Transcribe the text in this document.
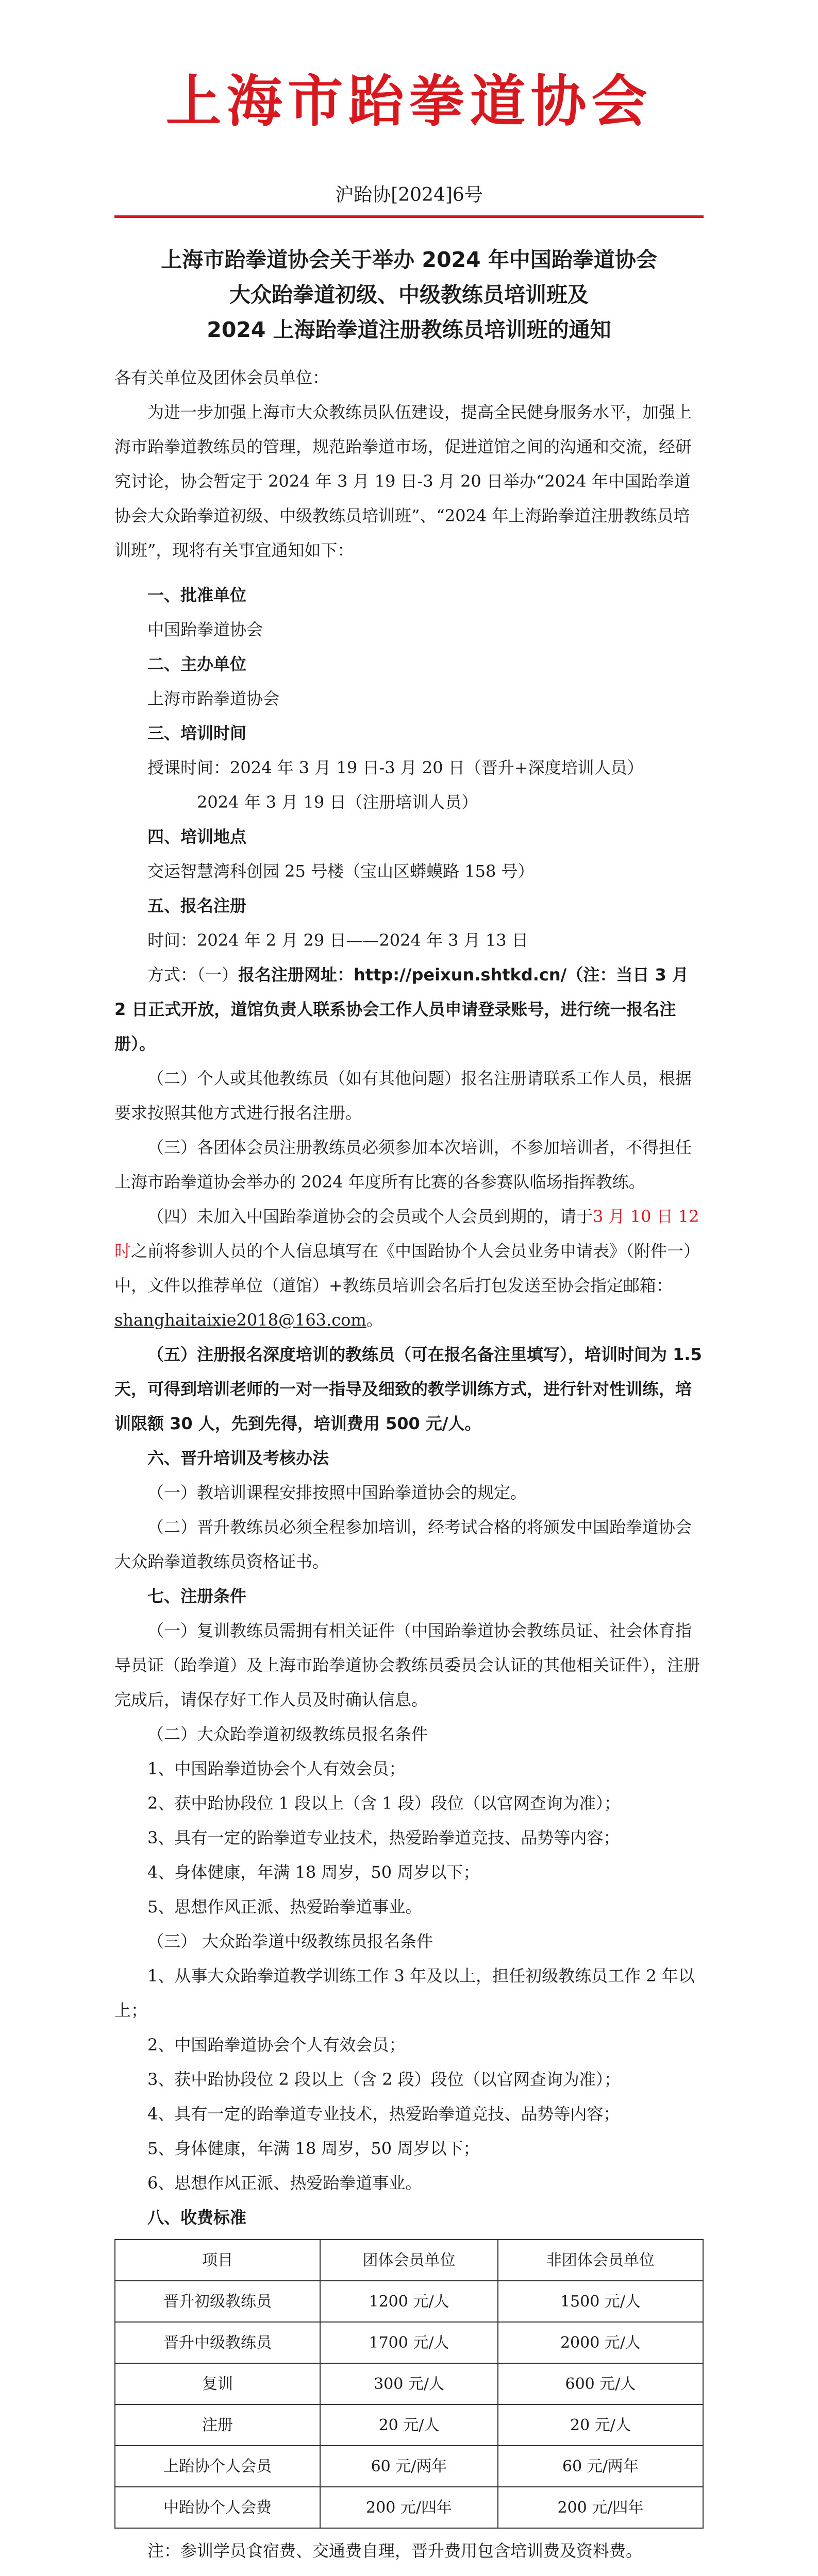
上海市跆拳道协会
沪跆协[2024]6号
上海市跆拳道协会关于举办 2024 年中国跆拳道协会
大众跆拳道初级、中级教练员培训班及
2024 上海跆拳道注册教练员培训班的通知

各有关单位及团体会员单位：

为进一步加强上海市大众教练员队伍建设，提高全民健身服务水平，加强上海市跆拳道教练员的管理，规范跆拳道市场，促进道馆之间的沟通和交流，经研究讨论，协会暂定于 2024 年 3 月 19 日-3 月 20 日举办“2024 年中国跆拳道协会大众跆拳道初级、中级教练员培训班”、“2024 年上海跆拳道注册教练员培训班”，现将有关事宜通知如下：

一、批准单位

中国跆拳道协会

二、主办单位

上海市跆拳道协会

三、培训时间

授课时间：2024 年 3 月 19 日-3 月 20 日（晋升+深度培训人员）

2024 年 3 月 19 日（注册培训人员）

四、培训地点

交运智慧湾科创园 25 号楼（宝山区蟒蟆路 158 号）

五、报名注册

时间：2024 年 2 月 29 日——2024 年 3 月 13 日

方式：（一）报名注册网址：http://peixun.shtkd.cn/（注：当日 3 月 2 日正式开放，道馆负责人联系协会工作人员申请登录账号，进行统一报名注册）。

（二）个人或其他教练员（如有其他问题）报名注册请联系工作人员，根据要求按照其他方式进行报名注册。

（三）各团体会员注册教练员必须参加本次培训，不参加培训者，不得担任上海市跆拳道协会举办的 2024 年度所有比赛的各参赛队临场指挥教练。

（四）未加入中国跆拳道协会的会员或个人会员到期的，请于3 月 10 日 12 时之前将参训人员的个人信息填写在《中国跆协个人会员业务申请表》（附件一）中，文件以推荐单位（道馆）+教练员培训会名后打包发送至协会指定邮箱：shanghaitaixie2018@163.com。

（五）注册报名深度培训的教练员（可在报名备注里填写），培训时间为 1.5 天，可得到培训老师的一对一指导及细致的教学训练方式，进行针对性训练，培训限额 30 人，先到先得，培训费用 500 元/人。

六、晋升培训及考核办法

（一）教培训课程安排按照中国跆拳道协会的规定。

（二）晋升教练员必须全程参加培训，经考试合格的将颁发中国跆拳道协会大众跆拳道教练员资格证书。

七、注册条件

（一）复训教练员需拥有相关证件（中国跆拳道协会教练员证、社会体育指导员证（跆拳道）及上海市跆拳道协会教练员委员会认证的其他相关证件），注册完成后，请保存好工作人员及时确认信息。

（二）大众跆拳道初级教练员报名条件

1、中国跆拳道协会个人有效会员；

2、获中跆协段位 1 段以上（含 1 段）段位（以官网查询为准）；

3、具有一定的跆拳道专业技术，热爱跆拳道竞技、品势等内容；

4、身体健康，年满 18 周岁，50 周岁以下；

5、思想作风正派、热爱跆拳道事业。

（三） 大众跆拳道中级教练员报名条件

1、从事大众跆拳道教学训练工作 3 年及以上，担任初级教练员工作 2 年以上；

2、中国跆拳道协会个人有效会员；

3、获中跆协段位 2 段以上（含 2 段）段位（以官网查询为准）；

4、具有一定的跆拳道专业技术，热爱跆拳道竞技、品势等内容；

5、身体健康，年满 18 周岁，50 周岁以下；

6、思想作风正派、热爱跆拳道事业。

八、收费标准

项目	团体会员单位	非团体会员单位
晋升初级教练员	1200 元/人	1500 元/人
晋升中级教练员	1700 元/人	2000 元/人
复训	300 元/人	600 元/人
注册	20 元/人	20 元/人
上跆协个人会员	60 元/两年	60 元/两年
中跆协个人会费	200 元/四年	200 元/四年

注：参训学员食宿费、交通费自理，晋升费用包含培训费及资料费。
